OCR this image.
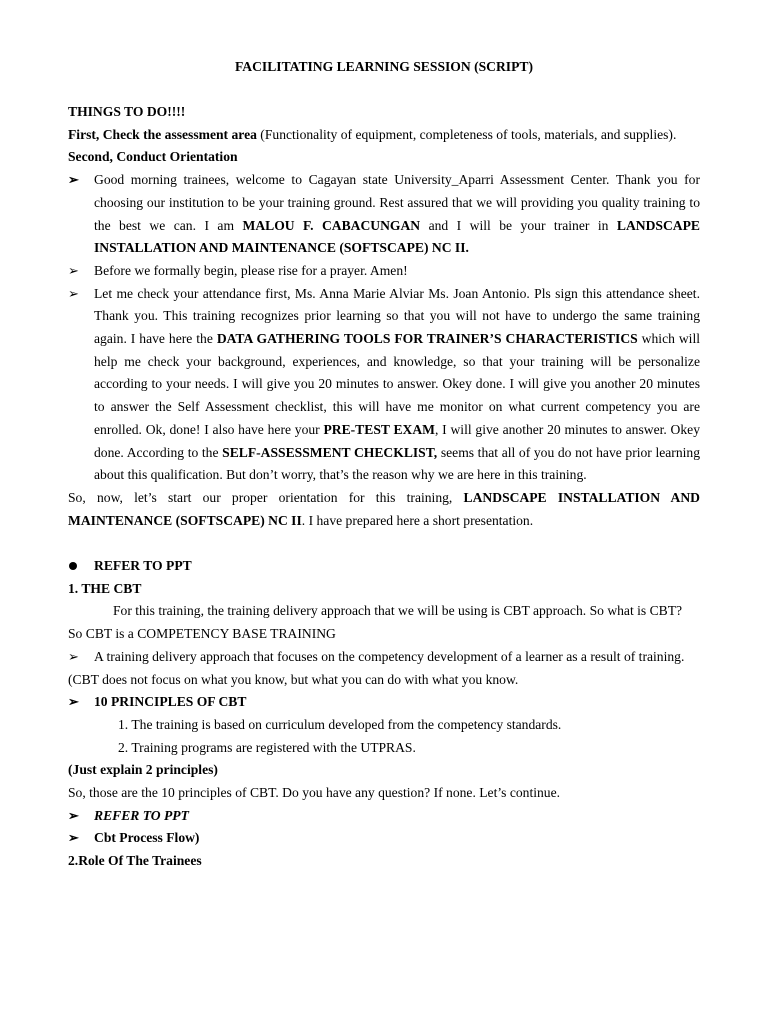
FACILITATING LEARNING SESSION (SCRIPT)

THINGS TO DO!!!!

First, Check the assessment area (Functionality of equipment, completeness of tools, materials, and supplies).

Second, Conduct Orientation

➢ Good morning trainees, welcome to Cagayan state University_Aparri Assessment Center. Thank you for choosing our institution to be your training ground. Rest assured that we will providing you quality training to the best we can. I am MALOU F. CABACUNGAN and I will be your trainer in LANDSCAPE INSTALLATION AND MAINTENANCE (SOFTSCAPE) NC II.
➢ Before we formally begin, please rise for a prayer. Amen!
➢ Let me check your attendance first, Ms. Anna Marie Alviar Ms. Joan Antonio. Pls sign this attendance sheet. Thank you. This training recognizes prior learning so that you will not have to undergo the same training again. I have here the DATA GATHERING TOOLS FOR TRAINER’S CHARACTERISTICS which will help me check your background, experiences, and knowledge, so that your training will be personalize according to your needs. I will give you 20 minutes to answer. Okey done. I will give you another 20 minutes to answer the Self Assessment checklist, this will have me monitor on what current competency you are enrolled. Ok, done! I also have here your PRE-TEST EXAM, I will give another 20 minutes to answer. Okey done. According to the SELF-ASSESSMENT CHECKLIST, seems that all of you do not have prior learning about this qualification. But don’t worry, that’s the reason why we are here in this training.

So, now, let’s start our proper orientation for this training, LANDSCAPE INSTALLATION AND MAINTENANCE (SOFTSCAPE) NC II. I have prepared here a short presentation.

REFER TO PPT

1. THE CBT

For this training, the training delivery approach that we will be using is CBT approach. So what is CBT?

So CBT is a COMPETENCY BASE TRAINING

➢ A training delivery approach that focuses on the competency development of a learner as a result of training.

(CBT does not focus on what you know, but what you can do with what you know.

➢ 10 PRINCIPLES OF CBT

1. The training is based on curriculum developed from the competency standards.

2. Training programs are registered with the UTPRAS.

(Just explain 2 principles)

So, those are the 10 principles of CBT. Do you have any question? If none. Let’s continue.

➢ REFER TO PPT
➢ Cbt Process Flow)

2.Role Of The Trainees
